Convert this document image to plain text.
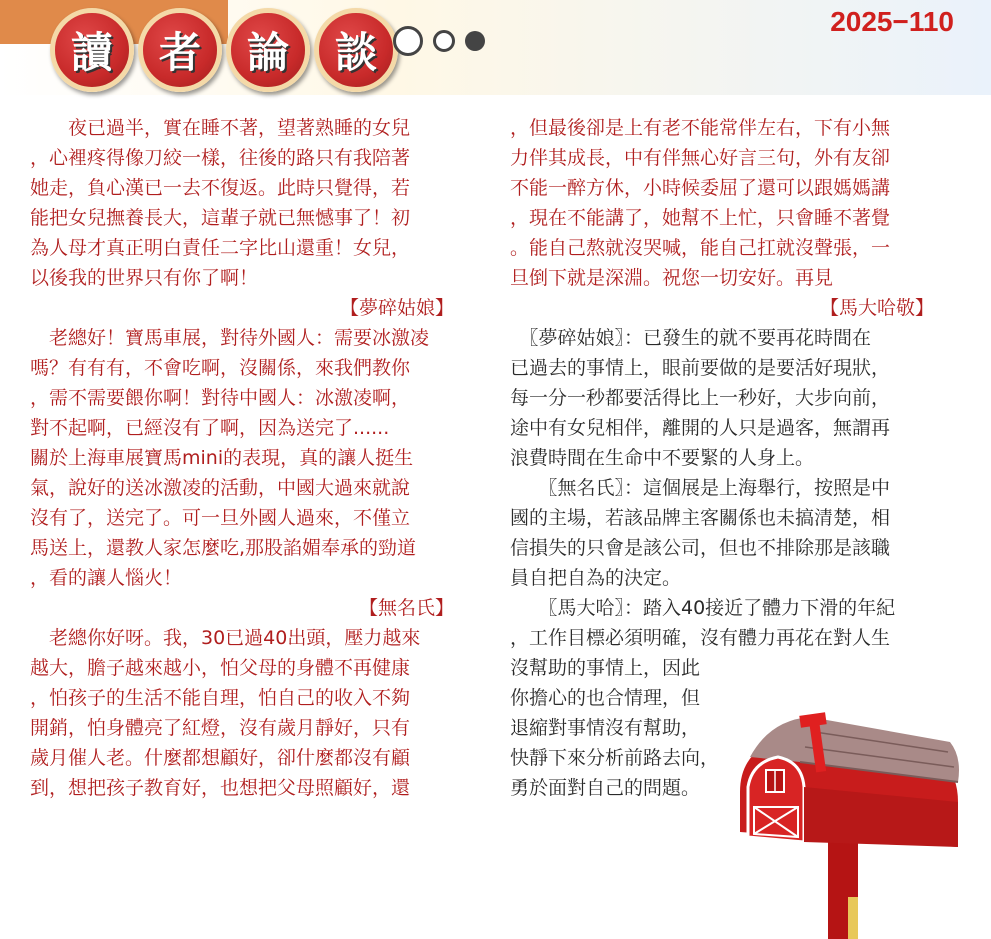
讀	者	論	談
2025−110

　　夜已過半，實在睡不著，望著熟睡的女兒
，心裡疼得像刀絞一樣，往後的路只有我陪著
她走，負心漢已一去不復返。此時只覺得，若
能把女兒撫養長大，這輩子就已無憾事了！初
為人母才真正明白責任二字比山還重！女兒，
以後我的世界只有你了啊！

【夢碎姑娘】

　老總好！寶馬車展，對待外國人：需要冰激凌
嗎？有有有，不會吃啊，沒關係，來我們教你
，需不需要餵你啊！對待中國人：冰激凌啊，
對不起啊，已經沒有了啊，因為送完了......
關於上海車展寶馬mini的表現，真的讓人挺生
氣，說好的送冰激凌的活動，中國大過來就說
沒有了，送完了。可一旦外國人過來，不僅立
馬送上，還教人家怎麼吃,那股諂媚奉承的勁道
，看的讓人惱火！

【無名氏】

　老總你好呀。我，30已過40出頭，壓力越來
越大，膽子越來越小，怕父母的身體不再健康
，怕孩子的生活不能自理，怕自己的收入不夠
開銷，怕身體亮了紅燈，沒有歲月靜好，只有
歲月催人老。什麼都想顧好，卻什麼都沒有顧
到，想把孩子教育好，也想把父母照顧好，還

，但最後卻是上有老不能常伴左右，下有小無
力伴其成長，中有伴無心好言三句，外有友卻
不能一醉方休，小時候委屈了還可以跟媽媽講
，現在不能講了，她幫不上忙，只會睡不著覺
。能自己熬就沒哭喊，能自己扛就沒聲張，一
旦倒下就是深淵。祝您一切安好。再見

【馬大哈敬】

　〖夢碎姑娘〗：已發生的就不要再花時間在
已過去的事情上，眼前要做的是要活好現狀，
每一分一秒都要活得比上一秒好，大步向前，
途中有女兒相伴，離開的人只是過客，無謂再
浪費時間在生命中不要緊的人身上。

　　〖無名氏〗：這個展是上海舉行，按照是中
國的主場，若該品牌主客關係也未搞清楚，相
信損失的只會是該公司，但也不排除那是該職
員自把自為的決定。

　　〖馬大哈〗：踏入40接近了體力下滑的年紀
，工作目標必須明確，沒有體力再花在對人生

沒幫助的事情上，因此
你擔心的也合情理，但
退縮對事情沒有幫助，
快靜下來分析前路去向，
勇於面對自己的問題。
